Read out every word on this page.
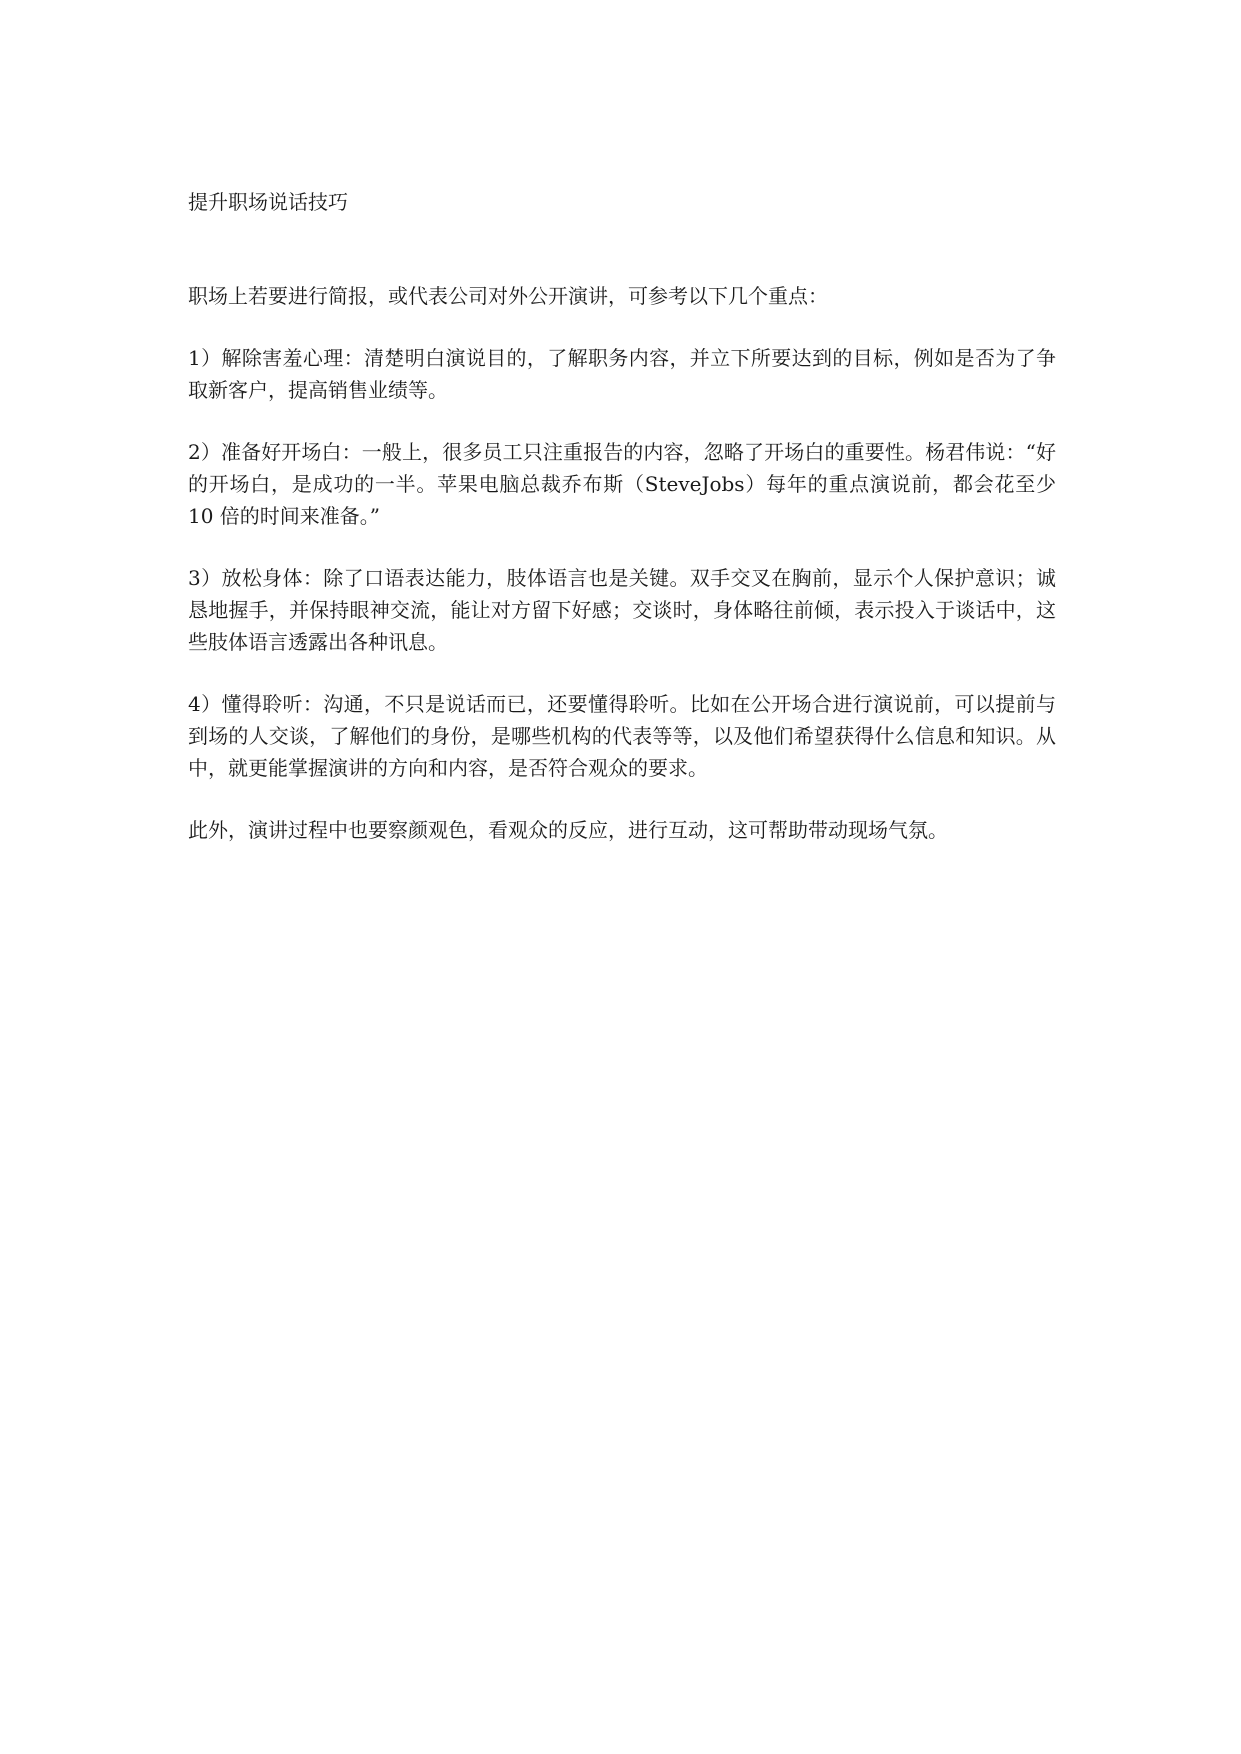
提升职场说话技巧

职场上若要进行简报，或代表公司对外公开演讲，可参考以下几个重点：

1）解除害羞心理：清楚明白演说目的，了解职务内容，并立下所要达到的目标，例如是否为了争取新客户，提高销售业绩等。

2）准备好开场白：一般上，很多员工只注重报告的内容，忽略了开场白的重要性。杨君伟说：“好的开场白，是成功的一半。苹果电脑总裁乔布斯（SteveJobs）每年的重点演说前，都会花至少 10 倍的时间来准备。”

3）放松身体：除了口语表达能力，肢体语言也是关键。双手交叉在胸前，显示个人保护意识；诚恳地握手，并保持眼神交流，能让对方留下好感；交谈时，身体略往前倾，表示投入于谈话中，这些肢体语言透露出各种讯息。

4）懂得聆听：沟通，不只是说话而已，还要懂得聆听。比如在公开场合进行演说前，可以提前与到场的人交谈，了解他们的身份，是哪些机构的代表等等，以及他们希望获得什么信息和知识。从中，就更能掌握演讲的方向和内容，是否符合观众的要求。

此外，演讲过程中也要察颜观色，看观众的反应，进行互动，这可帮助带动现场气氛。
